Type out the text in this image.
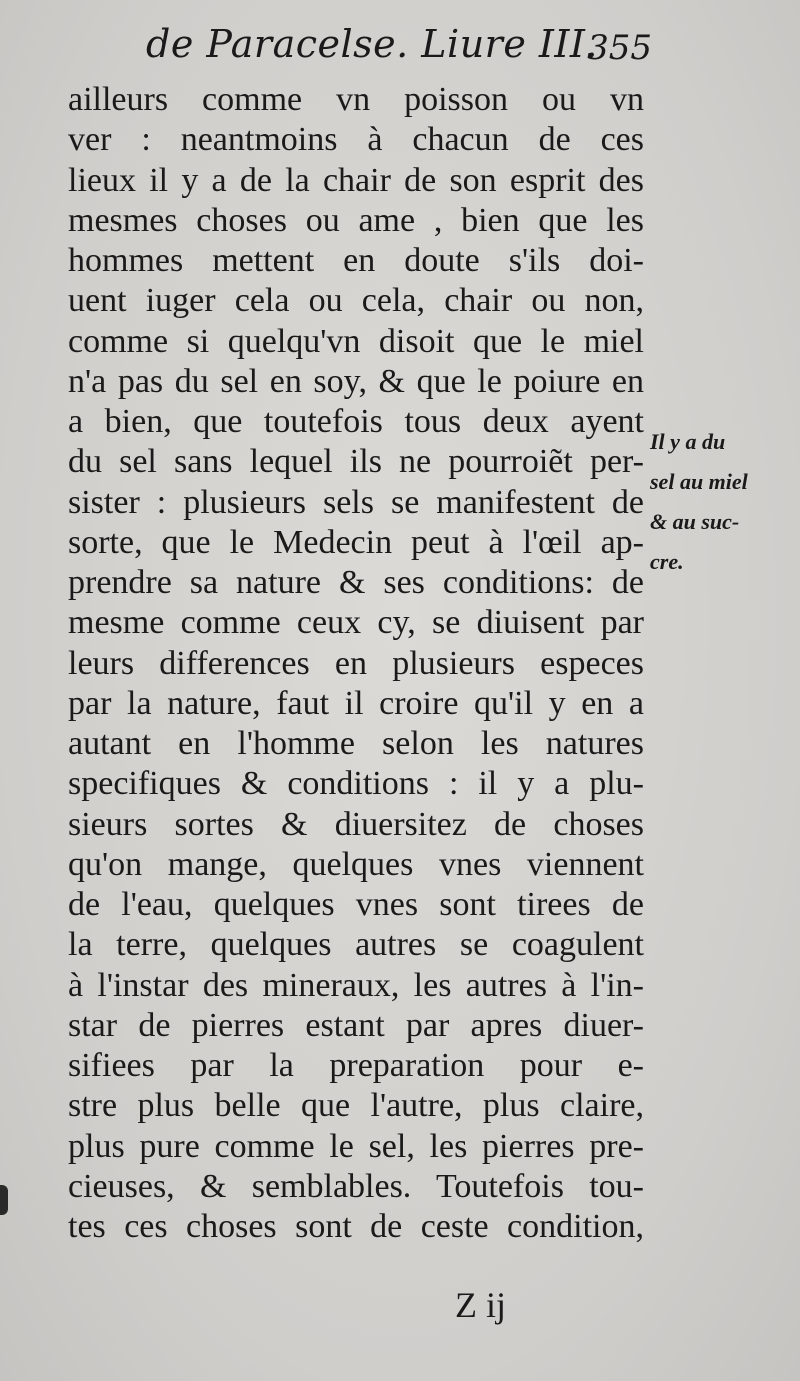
de Paracelse. Liure III.
355
ailleurs comme vn poisson ou vn
ver : neantmoins à chacun de ces
lieux il y a de la chair de son esprit des
mesmes choses ou ame , bien que les
hommes mettent en doute s'ils doi-
uent iuger cela ou cela, chair ou non,
comme si quelqu'vn disoit que le miel
n'a pas du sel en soy, & que le poiure en
a bien, que toutefois tous deux ayent
du sel sans lequel ils ne pourroiẽt per-
sister : plusieurs sels se manifestent de
sorte, que le Medecin peut à l'œil ap-
prendre sa nature & ses conditions: de
mesme comme ceux cy, se diuisent par
leurs differences en plusieurs especes
par la nature, faut il croire qu'il y en a
autant en l'homme selon les natures
specifiques & conditions : il y a plu-
sieurs sortes & diuersitez de choses
qu'on mange, quelques vnes viennent
de l'eau, quelques vnes sont tirees de
la terre, quelques autres se coagulent
à l'instar des mineraux, les autres à l'in-
star de pierres estant par apres diuer-
sifiees par la preparation pour e-
stre plus belle que l'autre, plus claire,
plus pure comme le sel, les pierres pre-
cieuses, & semblables. Toutefois tou-
tes ces choses sont de ceste condition,
Il y a du
sel au miel
& au suc-
cre.
Z ij
